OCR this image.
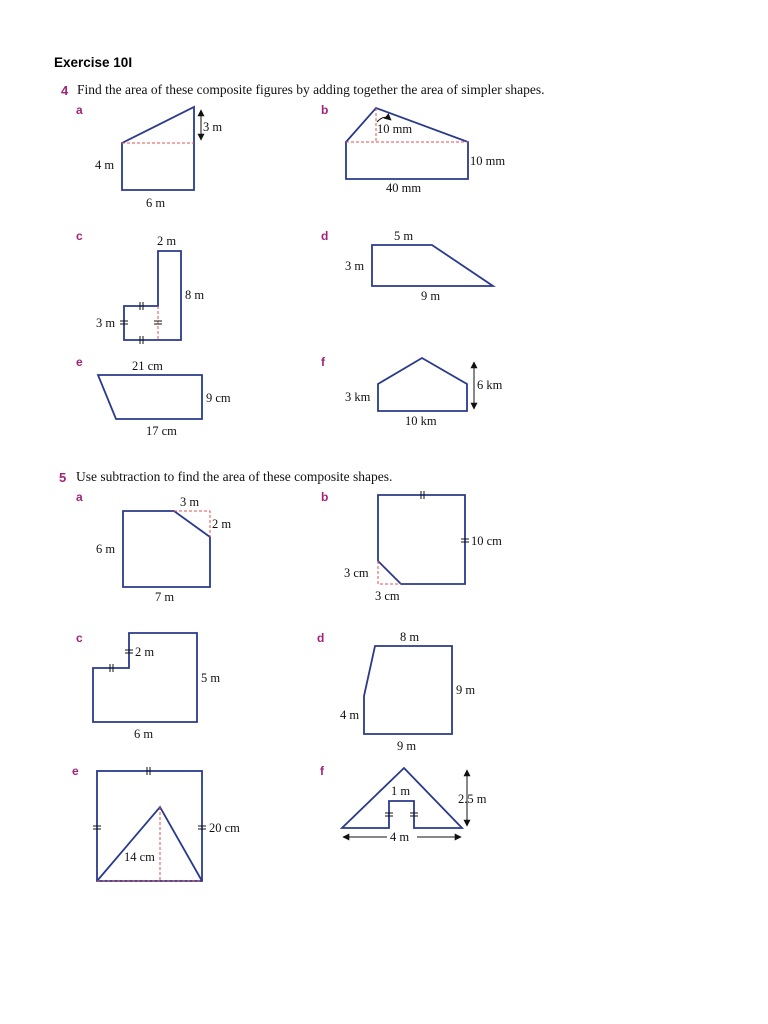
Exercise 10I
4 Find the area of these composite figures by adding together the area of simpler shapes.
a	b
c	d
e	f
5 Use subtraction to find the area of these composite shapes.
a	b
c	d
e	f
3 m
4 m
6 m
10 mm
10 mm
40 mm
2 m
8 m
3 m
5 m
3 m
9 m
21 cm
9 cm
17 cm
6 km
3 km
10 km
3 m
2 m
6 m
7 m
10 cm
3 cm
3 cm
2 m
5 m
6 m
8 m
9 m
4 m
9 m
20 cm
14 cm
1 m
2.5 m
4 m
